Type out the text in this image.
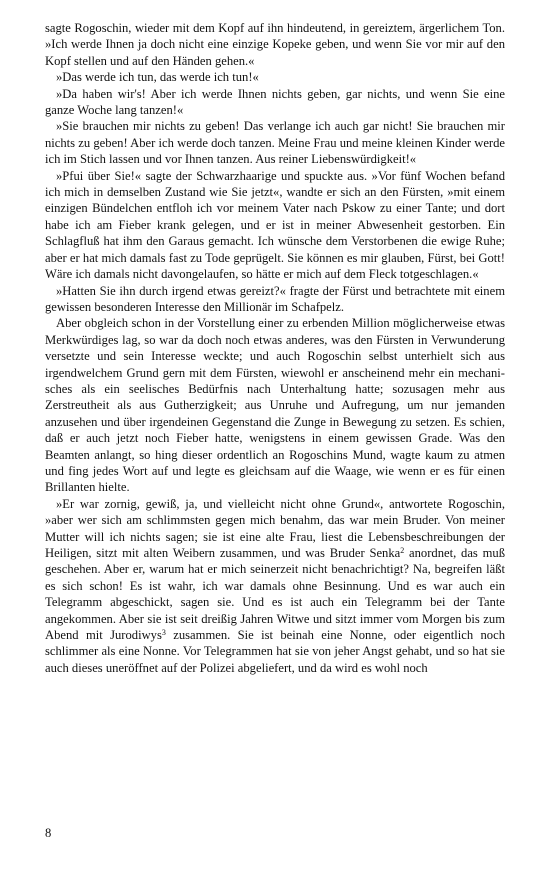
sagte Rogoschin, wieder mit dem Kopf auf ihn hindeutend, in gereiztem, ärgerlichem Ton. »Ich werde Ihnen ja doch nicht eine einzige Kopeke geben, und wenn Sie vor mir auf den Kopf stellen und auf den Händen gehen.«

»Das werde ich tun, das werde ich tun!«

»Da haben wir's! Aber ich werde Ihnen nichts geben, gar nichts, und wenn Sie eine ganze Woche lang tanzen!«

»Sie brauchen mir nichts zu geben! Das verlange ich auch gar nicht! Sie brauchen mir nichts zu geben! Aber ich werde doch tanzen. Meine Frau und meine kleinen Kinder werde ich im Stich lassen und vor Ihnen tanzen. Aus reiner Liebenswürdigkeit!«

»Pfui über Sie!« sagte der Schwarzhaarige und spuckte aus. »Vor fünf Wochen befand ich mich in demselben Zustand wie Sie jetzt«, wandte er sich an den Fürsten, »mit einem einzigen Bündelchen entfloh ich vor meinem Vater nach Pskow zu einer Tante; und dort habe ich am Fieber krank gelegen, und er ist in meiner Abwesenheit gestorben. Ein Schlagfluß hat ihm den Garaus gemacht. Ich wünsche dem Verstorbenen die ewige Ruhe; aber er hat mich damals fast zu Tode geprügelt. Sie können es mir glauben, Fürst, bei Gott! Wäre ich damals nicht davongelaufen, so hätte er mich auf dem Fleck totgeschlagen.«

»Hatten Sie ihn durch irgend etwas gereizt?« fragte der Fürst und betrachtete mit einem gewissen besonderen Interesse den Millionär im Schafpelz.

Aber obgleich schon in der Vorstellung einer zu erbenden Million möglicherweise etwas Merkwürdiges lag, so war da doch noch etwas anderes, was den Fürsten in Verwunderung versetzte und sein Interesse weckte; und auch Rogoschin selbst unterhielt sich aus irgendwelchem Grund gern mit dem Fürsten, wiewohl er anscheinend mehr ein mechanisches als ein seelisches Bedürfnis nach Unterhaltung hatte; sozusagen mehr aus Zerstreutheit als aus Gutherzigkeit; aus Unruhe und Aufregung, um nur jemanden anzusehen und über irgendeinen Gegenstand die Zunge in Bewegung zu setzen. Es schien, daß er auch jetzt noch Fieber hatte, wenigstens in einem gewissen Grade. Was den Beamten anlangt, so hing dieser ordentlich an Rogoschins Mund, wagte kaum zu atmen und fing jedes Wort auf und legte es gleichsam auf die Waage, wie wenn er es für einen Brillanten hielte.

»Er war zornig, gewiß, ja, und vielleicht nicht ohne Grund«, antwortete Rogoschin, »aber wer sich am schlimmsten gegen mich benahm, das war mein Bruder. Von meiner Mutter will ich nichts sagen; sie ist eine alte Frau, liest die Lebensbeschreibungen der Heiligen, sitzt mit alten Weibern zusammen, und was Bruder Senka$^2$ anordnet, das muß geschehen. Aber er, warum hat er mich seinerzeit nicht benachrichtigt? Na, begreifen läßt es sich schon! Es ist wahr, ich war damals ohne Besinnung. Und es war auch ein Telegramm abgeschickt, sagen sie. Und es ist auch ein Telegramm bei der Tante angekommen. Aber sie ist seit dreißig Jahren Witwe und sitzt immer vom Morgen bis zum Abend mit Jurodiwys$^3$ zusammen. Sie ist beinah eine Nonne, oder eigentlich noch schlimmer als eine Nonne. Vor Telegrammen hat sie von jeher Angst gehabt, und so hat sie auch dieses uneröffnet auf der Polizei abgeliefert, und da wird es wohl noch

8
